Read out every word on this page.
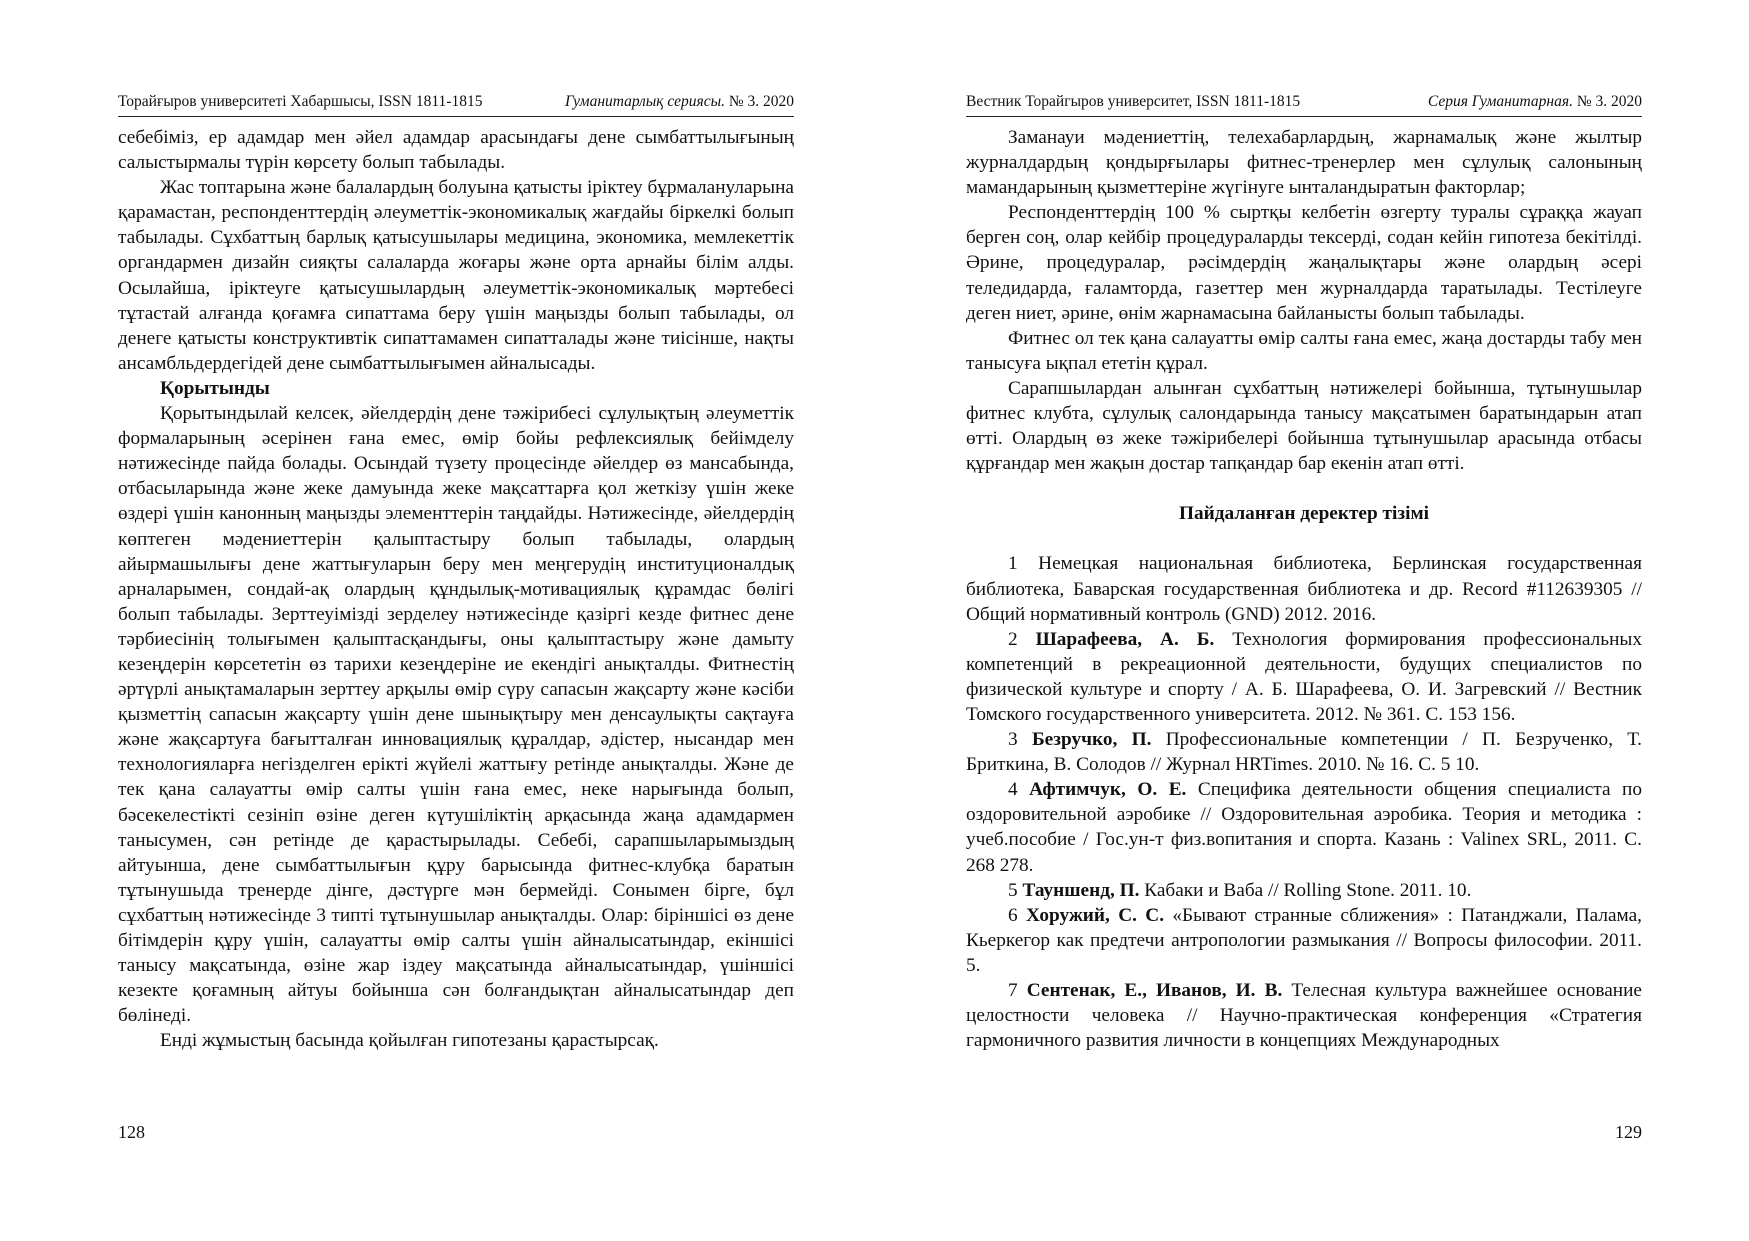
Торайғыров университеті Хабаршысы, ISSN 1811-1815	Гуманитарлық сериясы. № 3. 2020

себебіміз, ер адамдар мен әйел адамдар арасындағы дене сымбаттылығының салыстырмалы түрін көрсету болып табылады.

Жас топтарына және балалардың болуына қатысты іріктеу бұрмалануларына қарамастан, респонденттердің әлеуметтік-экономикалық жағдайы біркелкі болып табылады. Сұхбаттың барлық қатысушылары медицина, экономика, мемлекеттік органдармен дизайн сияқты салаларда жоғары және орта арнайы білім алды. Осылайша, іріктеуге қатысушылардың әлеуметтік-экономикалық мәртебесі тұтастай алғанда қоғамға сипаттама беру үшін маңызды болып табылады, ол денеге қатысты конструктивтік сипаттамамен сипатталады және тиісінше, нақты ансамбльдердегідей дене сымбаттылығымен айналысады.

Қорытынды

Қорытындылай келсек, әйелдердің дене тәжірибесі сұлулықтың әлеуметтік формаларының әсерінен ғана емес, өмір бойы рефлексиялық бейімделу нәтижесінде пайда болады. Осындай түзету процесінде әйелдер өз мансабында, отбасыларында және жеке дамуында жеке мақсаттарға қол жеткізу үшін жеке өздері үшін канонның маңызды элементтерін таңдайды. Нәтижесінде, әйелдердің көптеген мәдениеттерін қалыптастыру болып табылады, олардың айырмашылығы дене жаттығуларын беру мен меңгерудің институционалдық арналарымен, сондай-ақ олардың құндылық-мотивациялық құрамдас бөлігі болып табылады. Зерттеуімізді зерделеу нәтижесінде қазіргі кезде фитнес дене тәрбиесінің толығымен қалыптасқандығы, оны қалыптастыру және дамыту кезеңдерін көрсететін өз тарихи кезеңдеріне ие екендігі анықталды. Фитнестің әртүрлі анықтамаларын зерттеу арқылы өмір сүру сапасын жақсарту және кәсіби қызметтің сапасын жақсарту үшін дене шынықтыру мен денсаулықты сақтауға және жақсартуға бағытталған инновациялық құралдар, әдістер, нысандар мен технологияларға негізделген ерікті жүйелі жаттығу ретінде анықталды. Және де тек қана салауатты өмір салты үшін ғана емес, неке нарығында болып, бәсекелестікті сезініп өзіне деген күтушіліктің арқасында жаңа адамдармен танысумен, сән ретінде де қарастырылады. Себебі, сарапшыларымыздың айтуынша, дене сымбаттылығын құру барысында фитнес-клубқа баратын тұтынушыда тренерде дінге, дәстүрге мән бермейді. Сонымен бірге, бұл сұхбаттың нәтижесінде 3 типті тұтынушылар анықталды. Олар: біріншісі өз дене бітімдерін құру үшін, салауатты өмір салты үшін айналысатындар, екіншісі танысу мақсатында, өзіне жар іздеу мақсатында айналысатындар, үшіншісі кезекте қоғамның айтуы бойынша сән болғандықтан айналысатындар деп бөлінеді.

Енді жұмыстың басында қойылған гипотезаны қарастырсақ.

128
Вестник Торайгыров университет, ISSN 1811-1815	Серия Гуманитарная. № 3. 2020

Заманауи мәдениеттің, телехабарлардың, жарнамалық және жылтыр журналдардың қондырғылары фитнес-тренерлер мен сұлулық салонының мамандарының қызметтеріне жүгінуге ынталандыратын факторлар;

Респонденттердің 100 % сыртқы келбетін өзгерту туралы сұраққа жауап берген соң, олар кейбір процедураларды тексерді, содан кейін гипотеза бекітілді. Әрине, процедуралар, рәсімдердің жаңалықтары және олардың әсері теледидарда, ғаламторда, газеттер мен журналдарда таратылады. Тестілеуге деген ниет, әрине, өнім жарнамасына байланысты болып табылады.

Фитнес ол тек қана салауатты өмір салты ғана емес, жаңа достарды табу мен танысуға ықпал ететін құрал.

Сарапшылардан алынған сұхбаттың нәтижелері бойынша, тұтынушылар фитнес клубта, сұлулық салондарында танысу мақсатымен баратындарын атап өтті. Олардың өз жеке тәжірибелері бойынша тұтынушылар арасында отбасы құрғандар мен жақын достар тапқандар бар екенін атап өтті.

Пайдаланған деректер тізімі

1 Немецкая национальная библиотека, Берлинская государственная библиотека, Баварская государственная библиотека и др. Record #112639305 // Общий нормативный контроль (GND) 2012. 2016.

2 Шарафеева, А. Б. Технология формирования профессиональных компетенций в рекреационной деятельности, будущих специалистов по физической культуре и спорту / А. Б. Шарафеева, О. И. Загревский // Вестник Томского государственного университета. 2012. № 361. С. 153 156.

3 Безручко, П. Профессиональные компетенции / П. Безрученко, Т. Бриткина, В. Солодов // Журнал HRTimes. 2010. № 16. С. 5 10.

4 Афтимчук, О. Е. Специфика деятельности общения специалиста по оздоровительной аэробике // Оздоровительная аэробика. Теория и методика : учеб.пособие / Гос.ун-т физ.вопитания и спорта. Казань : Valinex SRL, 2011. С. 268 278.

5 Тауншенд, П. Кабаки и Ваба // Rolling Stone. 2011. 10.

6 Хоружий, С. С. «Бывают странные сближения» : Патанджали, Палама, Кьеркегор как предтечи антропологии размыкания // Вопросы философии. 2011. 5.

7 Сентенак, Е., Иванов, И. В. Телесная культура важнейшее основание целостности человека // Научно-практическая конференция «Стратегия гармоничного развития личности в концепциях Международных

129
